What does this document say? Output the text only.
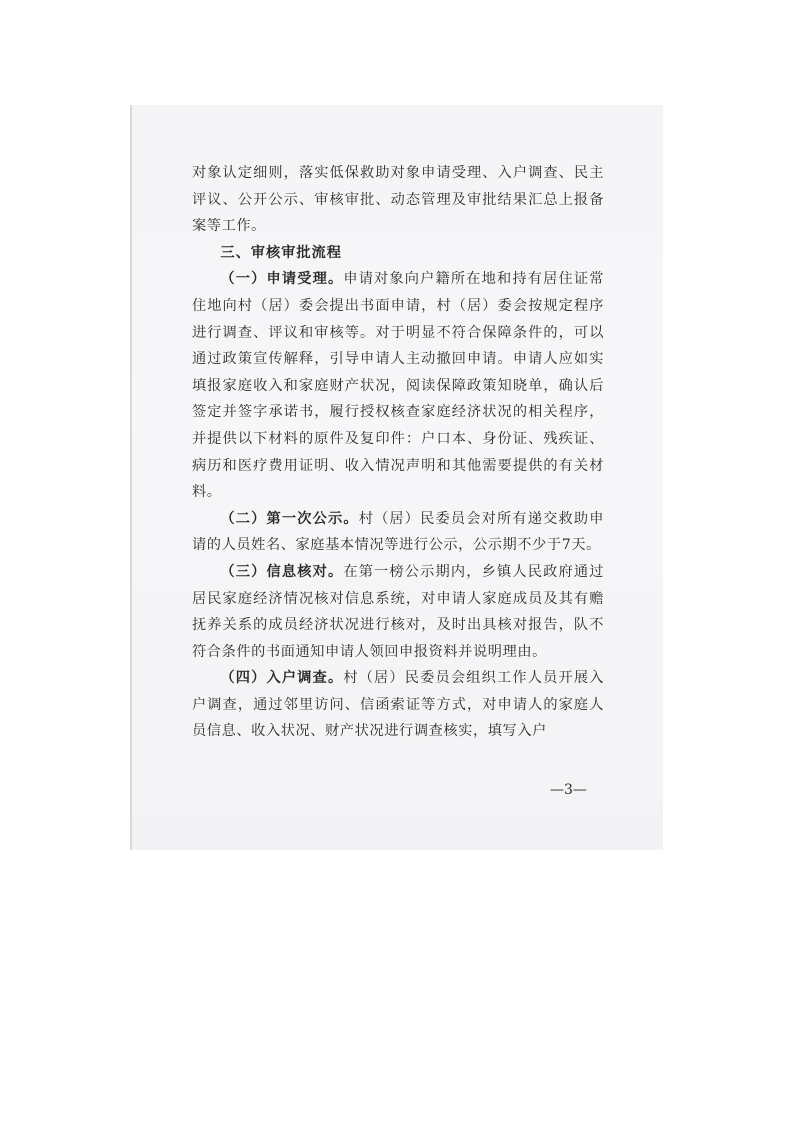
对象认定细则，落实低保救助对象申请受理、入户调查、民主评议、公开公示、审核审批、动态管理及审批结果汇总上报备案等工作。

三、审核审批流程

（一）申请受理。申请对象向户籍所在地和持有居住证常住地向村（居）委会提出书面申请，村（居）委会按规定程序进行调查、评议和审核等。对于明显不符合保障条件的，可以通过政策宣传解释，引导申请人主动撤回申请。申请人应如实填报家庭收入和家庭财产状况，阅读保障政策知晓单，确认后签定并签字承诺书，履行授权核查家庭经济状况的相关程序，并提供以下材料的原件及复印件：户口本、身份证、残疾证、病历和医疗费用证明、收入情况声明和其他需要提供的有关材料。

（二）第一次公示。村（居）民委员会对所有递交救助申请的人员姓名、家庭基本情况等进行公示，公示期不少于7天。

（三）信息核对。在第一榜公示期内，乡镇人民政府通过居民家庭经济情况核对信息系统，对申请人家庭成员及其有赡抚养关系的成员经济状况进行核对，及时出具核对报告，队不符合条件的书面通知申请人领回申报资料并说明理由。

（四）入户调查。村（居）民委员会组织工作人员开展入户调查，通过邻里访问、信函索证等方式，对申请人的家庭人员信息、收入状况、财产状况进行调查核实，填写入户

—3—
